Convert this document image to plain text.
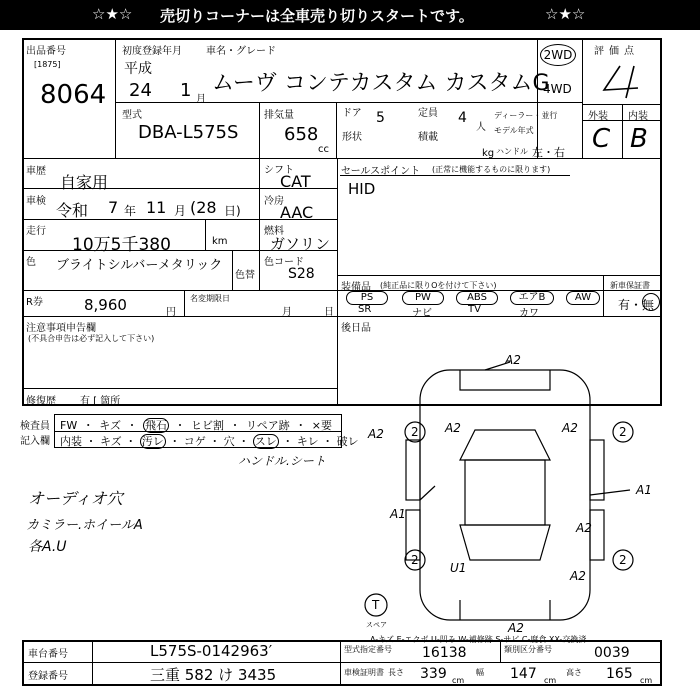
☆★☆ 売切りコーナーは全車売り切りスタートです。	☆★☆
出品番号
[1875]
8064
初度登録年月 車名・グレード
平成
24 1 月
ムーヴ コンテカスタム カスタムG
2WD
4WD
評価点
外装 内装
C B
型式
DBA-L575S
排気量
658
cc
ドア 5
形状
定員 4
人
積載
kg
ディーラー・並行
モデル年式
ハンドル 左・右
車歴
自家用
シフト
CAT
車検 令和 7 年 11 月 (28 日)
冷房
AAC
走行
10万5千380	km
燃料
ガソリン
色 ブライトシルバーメタリック
色替
色コード
S28
R券	8,960	円
名変期限日
月	日
セールスポイント (正常に機能するものに限ります)
HID
装備品 (純正品に限りOを付けて下さい)
PS	PW	ABS	エアB	AW
SR	ナビ	TV	カワ
新車保証書
有・無
注意事項申告欄
(不具合申告は必ず記入して下さい)
後日品
修復歴 有 [ 箇所
検査員
記入欄
FW ・ キズ ・ 飛石 ・ ヒビ割 ・ リペア跡 ・ ×要
内装 ・ キズ ・ 汚レ ・ コゲ ・ 穴 ・ スレ ・ キレ ・ 破レ
ハンドル.シート
オーディオ穴
カミラー.ホイールA
各A.U
A2
A2	A2
A2
A1
A1
A2
U1
A2
A2
2	2
2	2
T
スペア
A-キズ E-エクボ U-凹み W-補修跡 S-サビ C-腐食 XX-交換済
車台番号	L575S-0142963′
登録番号	三重 582 け 3435
型式指定番号 16138	類別区分番号	0039
車検証明書 長さ 339 cm
幅 147 cm
高さ 165 cm
